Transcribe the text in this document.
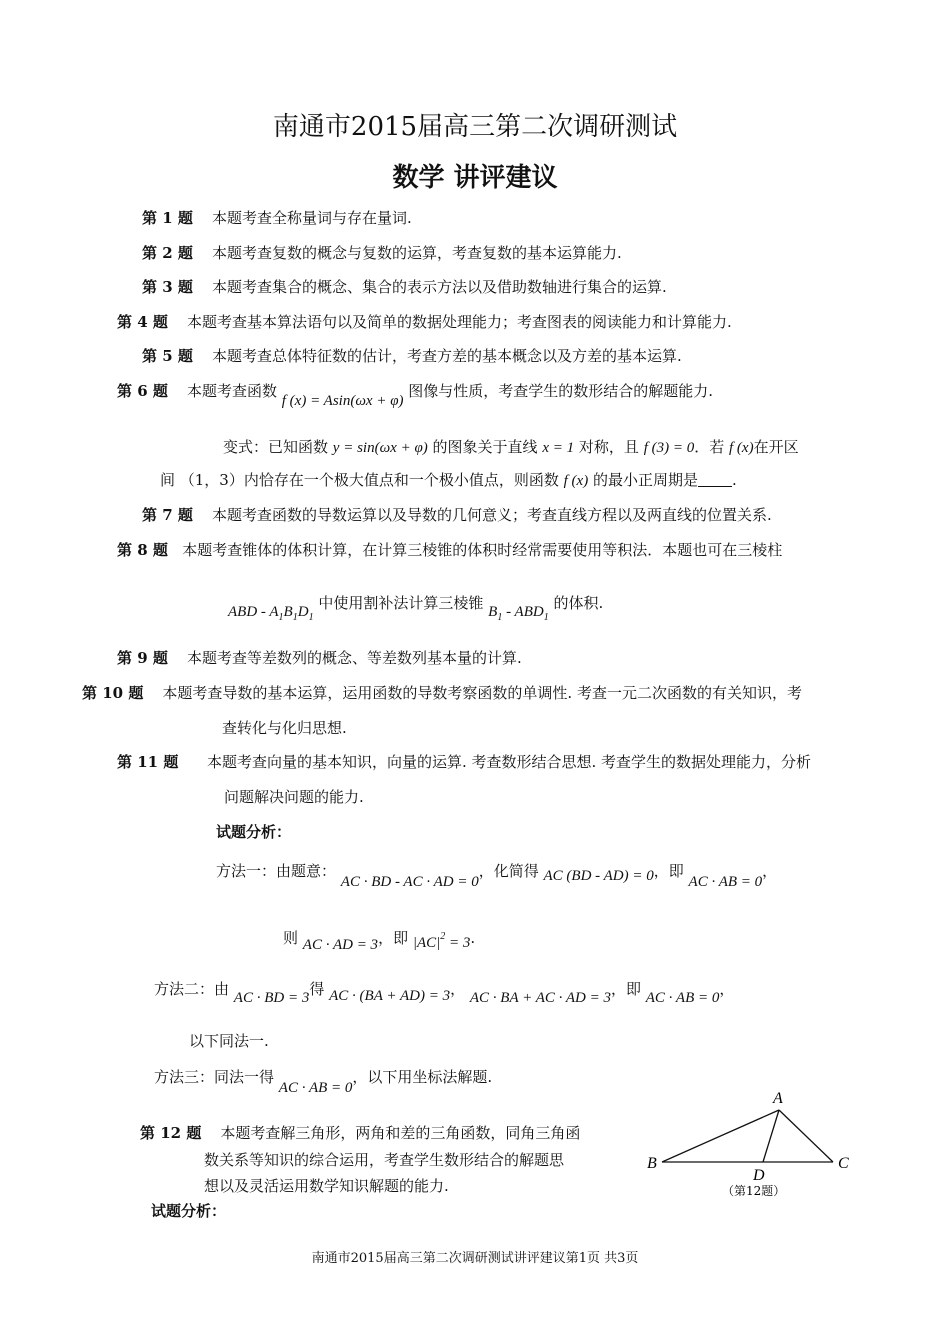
南通市2015届高三第二次调研测试
数学 讲评建议
第 1 题 本题考查全称量词与存在量词.
第 2 题 本题考查复数的概念与复数的运算，考查复数的基本运算能力.
第 3 题 本题考查集合的概念、集合的表示方法以及借助数轴进行集合的运算.
第 4 题 本题考查基本算法语句以及简单的数据处理能力；考查图表的阅读能力和计算能力.
第 5 题 本题考查总体特征数的估计，考查方差的基本概念以及方差的基本运算.
第 6 题 本题考查函数 f (x) = Asin(ωx + φ) 图像与性质，考查学生的数形结合的解题能力.
变式：已知函数 y = sin(ωx + φ) 的图象关于直线 x = 1 对称，且 f (3) = 0．若 f (x)在开区
间 （1，3）内恰存在一个极大值点和一个极小值点，则函数 f (x) 的最小正周期是 .
第 7 题 本题考查函数的导数运算以及导数的几何意义；考查直线方程以及两直线的位置关系.
第 8 题 本题考查锥体的体积计算，在计算三棱锥的体积时经常需要使用等积法．本题也可在三棱柱
ABD - $A_1B_1D_1$ 中使用割补法计算三棱锥 $B_1 - ABD_1$ 的体积.
第 9 题 本题考查等差数列的概念、等差数列基本量的计算.
第 10 题 本题考查导数的基本运算，运用函数的导数考察函数的单调性. 考查一元二次函数的有关知识，考
查转化与化归思想.
第 11 题 本题考查向量的基本知识，向量的运算. 考查数形结合思想. 考查学生的数据处理能力，分析
问题解决问题的能力.
试题分析：
方法一：由题意： AC · BD - AC · AD = 0，化简得 AC (BD - AD) = 0，即 AC · AB = 0，
则 AC · AD = 3，即 $|AC|^2 = 3$.
方法二：由 AC · BD = 3得 AC · (BA + AD) = 3， AC · BA + AC · AD = 3，即 AC · AB = 0，
以下同法一.
方法三：同法一得 AC · AB = 0，以下用坐标法解题.
第 12 题 本题考查解三角形，两角和差的三角函数，同角三角函
数关系等知识的综合运用，考查学生数形结合的解题思
想以及灵活运用数学知识解题的能力.
试题分析：
A
B	C
D
（第12题）
南通市2015届高三第二次调研测试讲评建议第1页 共3页
